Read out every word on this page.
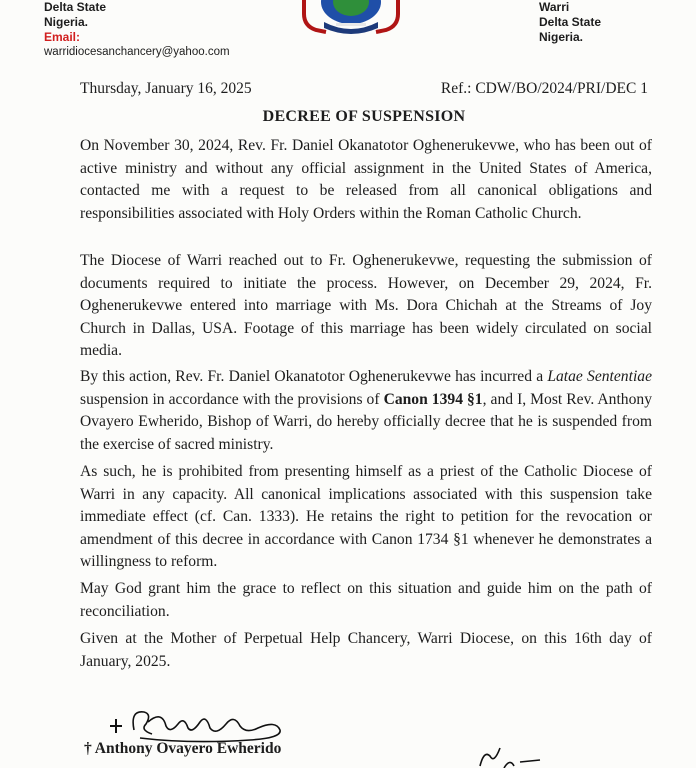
Delta State
Nigeria.
Email:
warridiocesanchancery@yahoo.com
Warri
Delta State
Nigeria.
Thursday, January 16, 2025	Ref.: CDW/BO/2024/PRI/DEC 1
DECREE OF SUSPENSION

On November 30, 2024, Rev. Fr. Daniel Okanatotor Oghenerukevwe, who has been out of active ministry and without any official assignment in the United States of America, contacted me with a request to be released from all canonical obligations and responsibilities associated with Holy Orders within the Roman Catholic Church.

The Diocese of Warri reached out to Fr. Oghenerukevwe, requesting the submission of documents required to initiate the process. However, on December 29, 2024, Fr. Oghenerukevwe entered into marriage with Ms. Dora Chichah at the Streams of Joy Church in Dallas, USA. Footage of this marriage has been widely circulated on social media.

By this action, Rev. Fr. Daniel Okanatotor Oghenerukevwe has incurred a Latae Sententiae suspension in accordance with the provisions of Canon 1394 §1, and I, Most Rev. Anthony Ovayero Ewherido, Bishop of Warri, do hereby officially decree that he is suspended from the exercise of sacred ministry.

As such, he is prohibited from presenting himself as a priest of the Catholic Diocese of Warri in any capacity. All canonical implications associated with this suspension take immediate effect (cf. Can. 1333). He retains the right to petition for the revocation or amendment of this decree in accordance with Canon 1734 §1 whenever he demonstrates a willingness to reform.

May God grant him the grace to reflect on this situation and guide him on the path of reconciliation.

Given at the Mother of Perpetual Help Chancery, Warri Diocese, on this 16th day of January, 2025.

† Anthony Ovayero Ewherido
